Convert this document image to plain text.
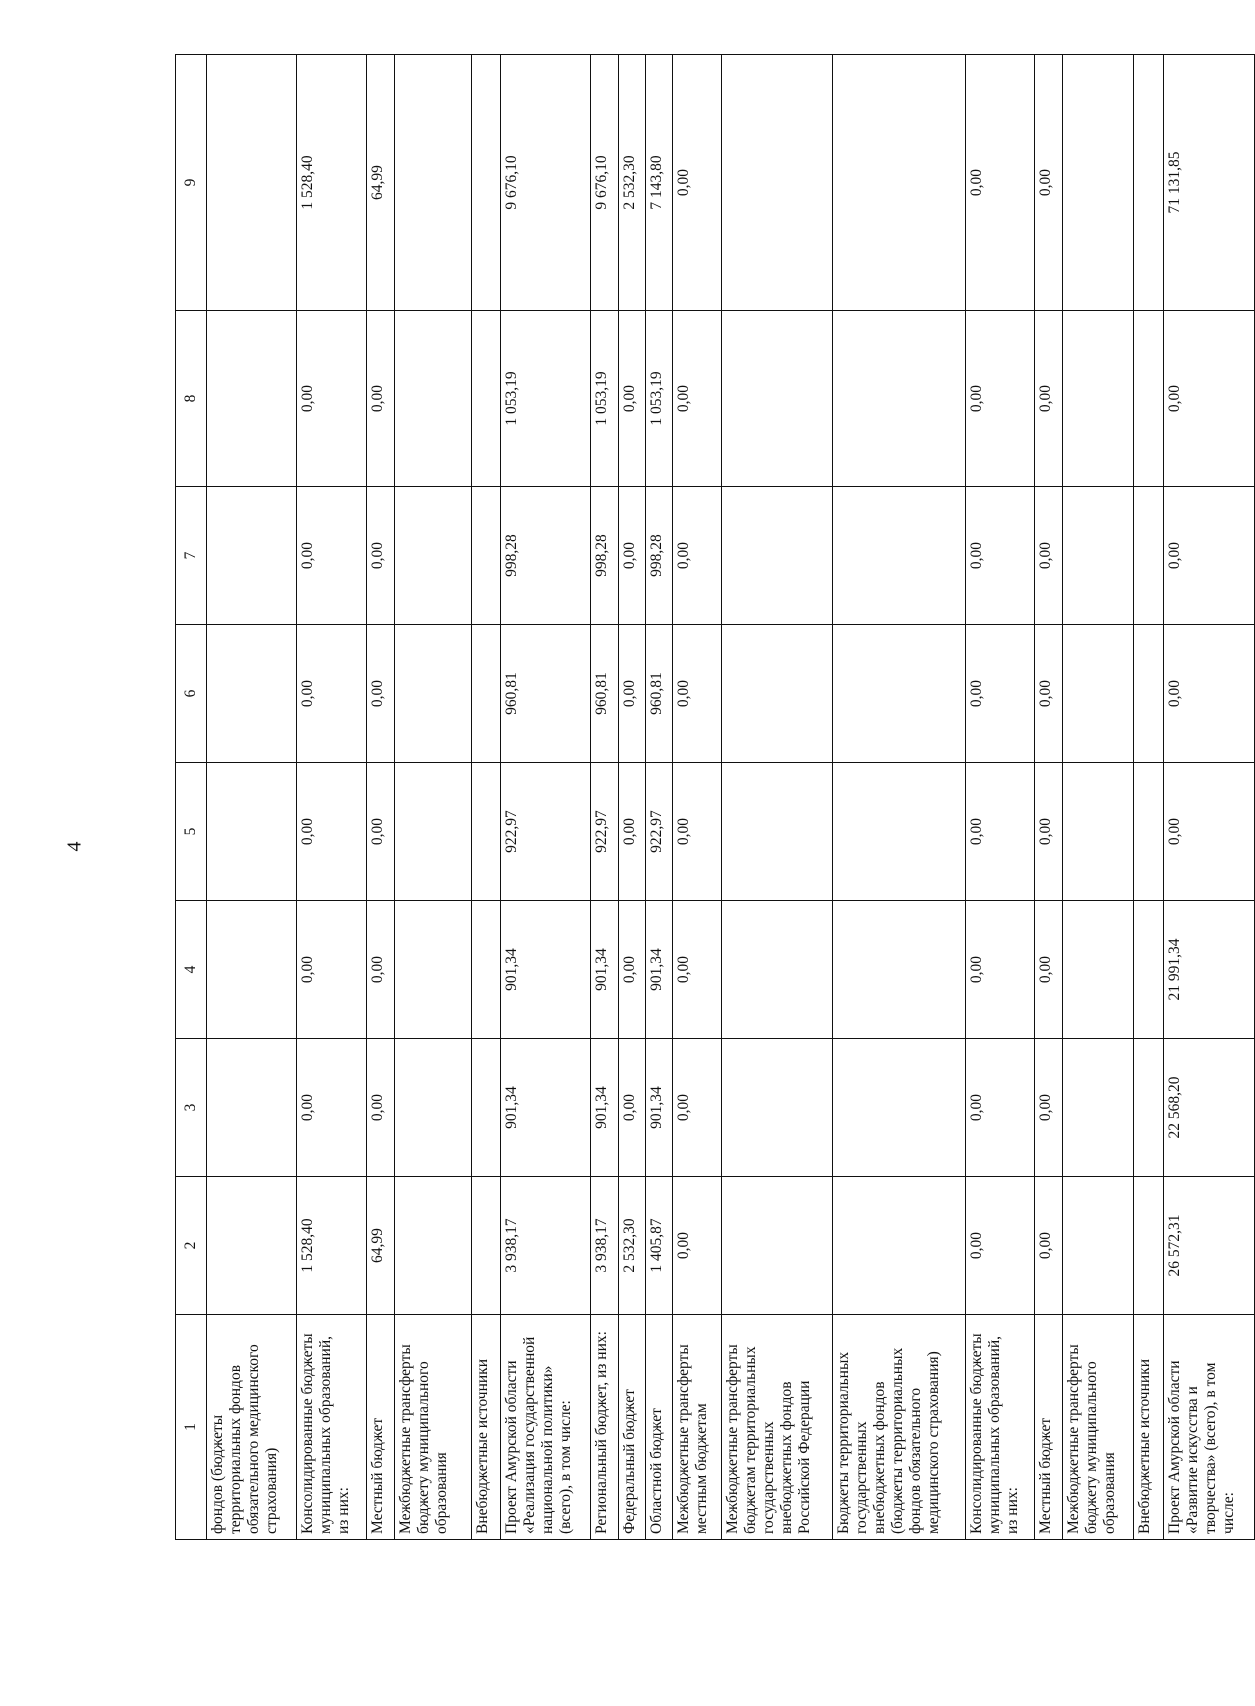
4
1	2	3	4	5	6	7	8	9
фондов (бюджеты территориальных фондов обязательного медицинского страхования)								
Консолидированные бюджеты муниципальных образований, из них:	1 528,40	0,00	0,00	0,00	0,00	0,00	0,00	1 528,40
Местный бюджет	64,99	0,00	0,00	0,00	0,00	0,00	0,00	64,99
Межбюджетные трансферты бюджету муниципального образования								
Внебюджетные источники								
Проект Амурской области «Реализация государственной национальной политики» (всего), в том числе:	3 938,17	901,34	901,34	922,97	960,81	998,28	1 053,19	9 676,10
Региональный бюджет, из них:	3 938,17	901,34	901,34	922,97	960,81	998,28	1 053,19	9 676,10
Федеральный бюджет	2 532,30	0,00	0,00	0,00	0,00	0,00	0,00	2 532,30
Областной бюджет	1 405,87	901,34	901,34	922,97	960,81	998,28	1 053,19	7 143,80
Межбюджетные трансферты местным бюджетам	0,00	0,00	0,00	0,00	0,00	0,00	0,00	0,00
Межбюджетные трансферты бюджетам территориальных государственных внебюджетных фондов Российской Федерации								
Бюджеты территориальных государственных внебюджетных фондов (бюджеты территориальных фондов обязательного медицинского страхования)								
Консолидированные бюджеты муниципальных образований, из них:	0,00	0,00	0,00	0,00	0,00	0,00	0,00	0,00
Местный бюджет	0,00	0,00	0,00	0,00	0,00	0,00	0,00	0,00
Межбюджетные трансферты бюджету муниципального образования								
Внебюджетные источники								
Проект Амурской области «Развитие искусства и творчества» (всего), в том числе:	26 572,31	22 568,20	21 991,34	0,00	0,00	0,00	0,00	71 131,85
